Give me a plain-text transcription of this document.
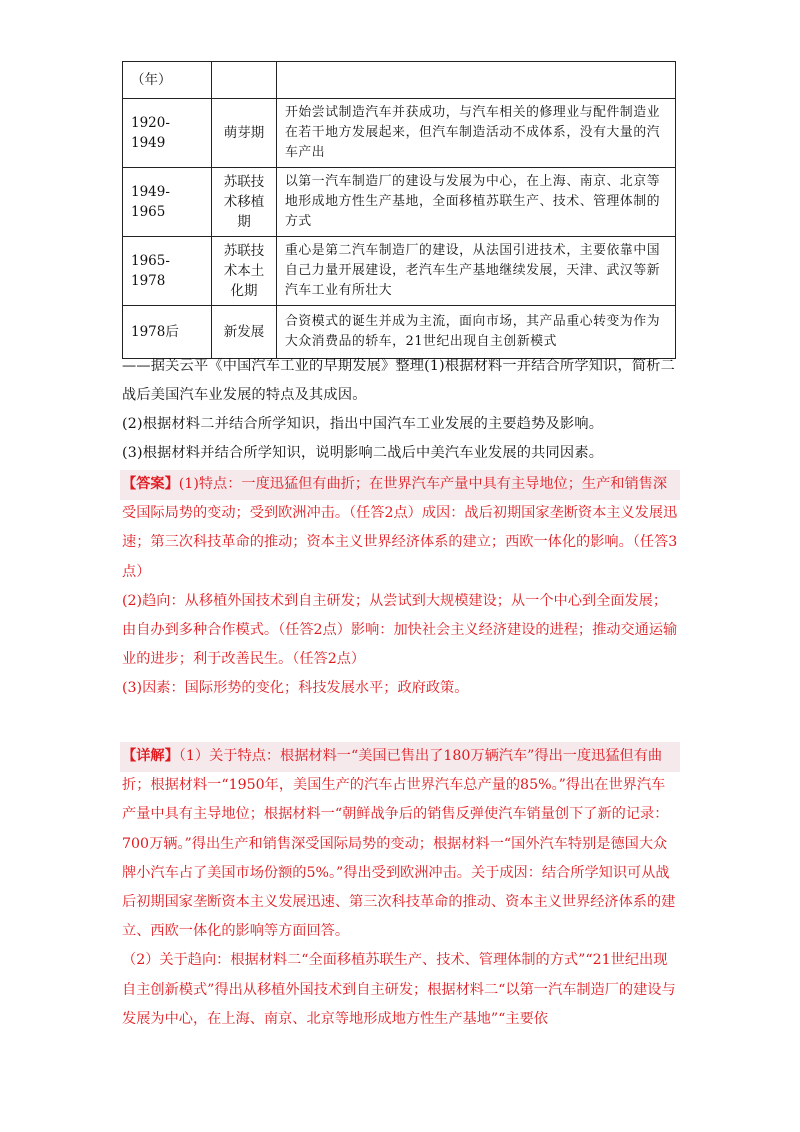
（年）		
1920-1949	萌芽期	开始尝试制造汽车并获成功，与汽车相关的修理业与配件制造业在若干地方发展起来，但汽车制造活动不成体系，没有大量的汽车产出
1949-1965	苏联技术移植期	以第一汽车制造厂的建设与发展为中心，在上海、南京、北京等地形成地方性生产基地，全面移植苏联生产、技术、管理体制的方式
1965-1978	苏联技术本土化期	重心是第二汽车制造厂的建设，从法国引进技术，主要依靠中国自己力量开展建设，老汽车生产基地继续发展，天津、武汉等新汽车工业有所壮大
1978后	新发展	合资模式的诞生并成为主流，面向市场，其产品重心转变为作为大众消费品的轿车，21世纪出现自主创新模式
——据关云平《中国汽车工业的早期发展》整理(1)根据材料一并结合所学知识，简析二战后美国汽车业发展的特点及其成因。
(2)根据材料二并结合所学知识，指出中国汽车工业发展的主要趋势及影响。
(3)根据材料并结合所学知识，说明影响二战后中美汽车业发展的共同因素。

【答案】(1)特点：一度迅猛但有曲折；在世界汽车产量中具有主导地位；生产和销售深受国际局势的变动；受到欧洲冲击。（任答2点）成因：战后初期国家垄断资本主义发展迅速；第三次科技革命的推动；资本主义世界经济体系的建立；西欧一体化的影响。（任答3点）

(2)趋向：从移植外国技术到自主研发；从尝试到大规模建设；从一个中心到全面发展；由自办到多种合作模式。（任答2点）影响：加快社会主义经济建设的进程；推动交通运输业的进步；利于改善民生。（任答2点）

(3)因素：国际形势的变化；科技发展水平；政府政策。

【详解】（1）关于特点：根据材料一“美国已售出了180万辆汽车”得出一度迅猛但有曲折；根据材料一“1950年，美国生产的汽车占世界汽车总产量的85%。”得出在世界汽车产量中具有主导地位；根据材料一“朝鲜战争后的销售反弹使汽车销量创下了新的记录：700万辆。”得出生产和销售深受国际局势的变动；根据材料一“国外汽车特别是德国大众牌小汽车占了美国市场份额的5%。”得出受到欧洲冲击。关于成因：结合所学知识可从战后初期国家垄断资本主义发展迅速、第三次科技革命的推动、资本主义世界经济体系的建立、西欧一体化的影响等方面回答。

（2）关于趋向：根据材料二“全面移植苏联生产、技术、管理体制的方式”“21世纪出现自主创新模式”得出从移植外国技术到自主研发；根据材料二“以第一汽车制造厂的建设与发展为中心，在上海、南京、北京等地形成地方性生产基地”“主要依
